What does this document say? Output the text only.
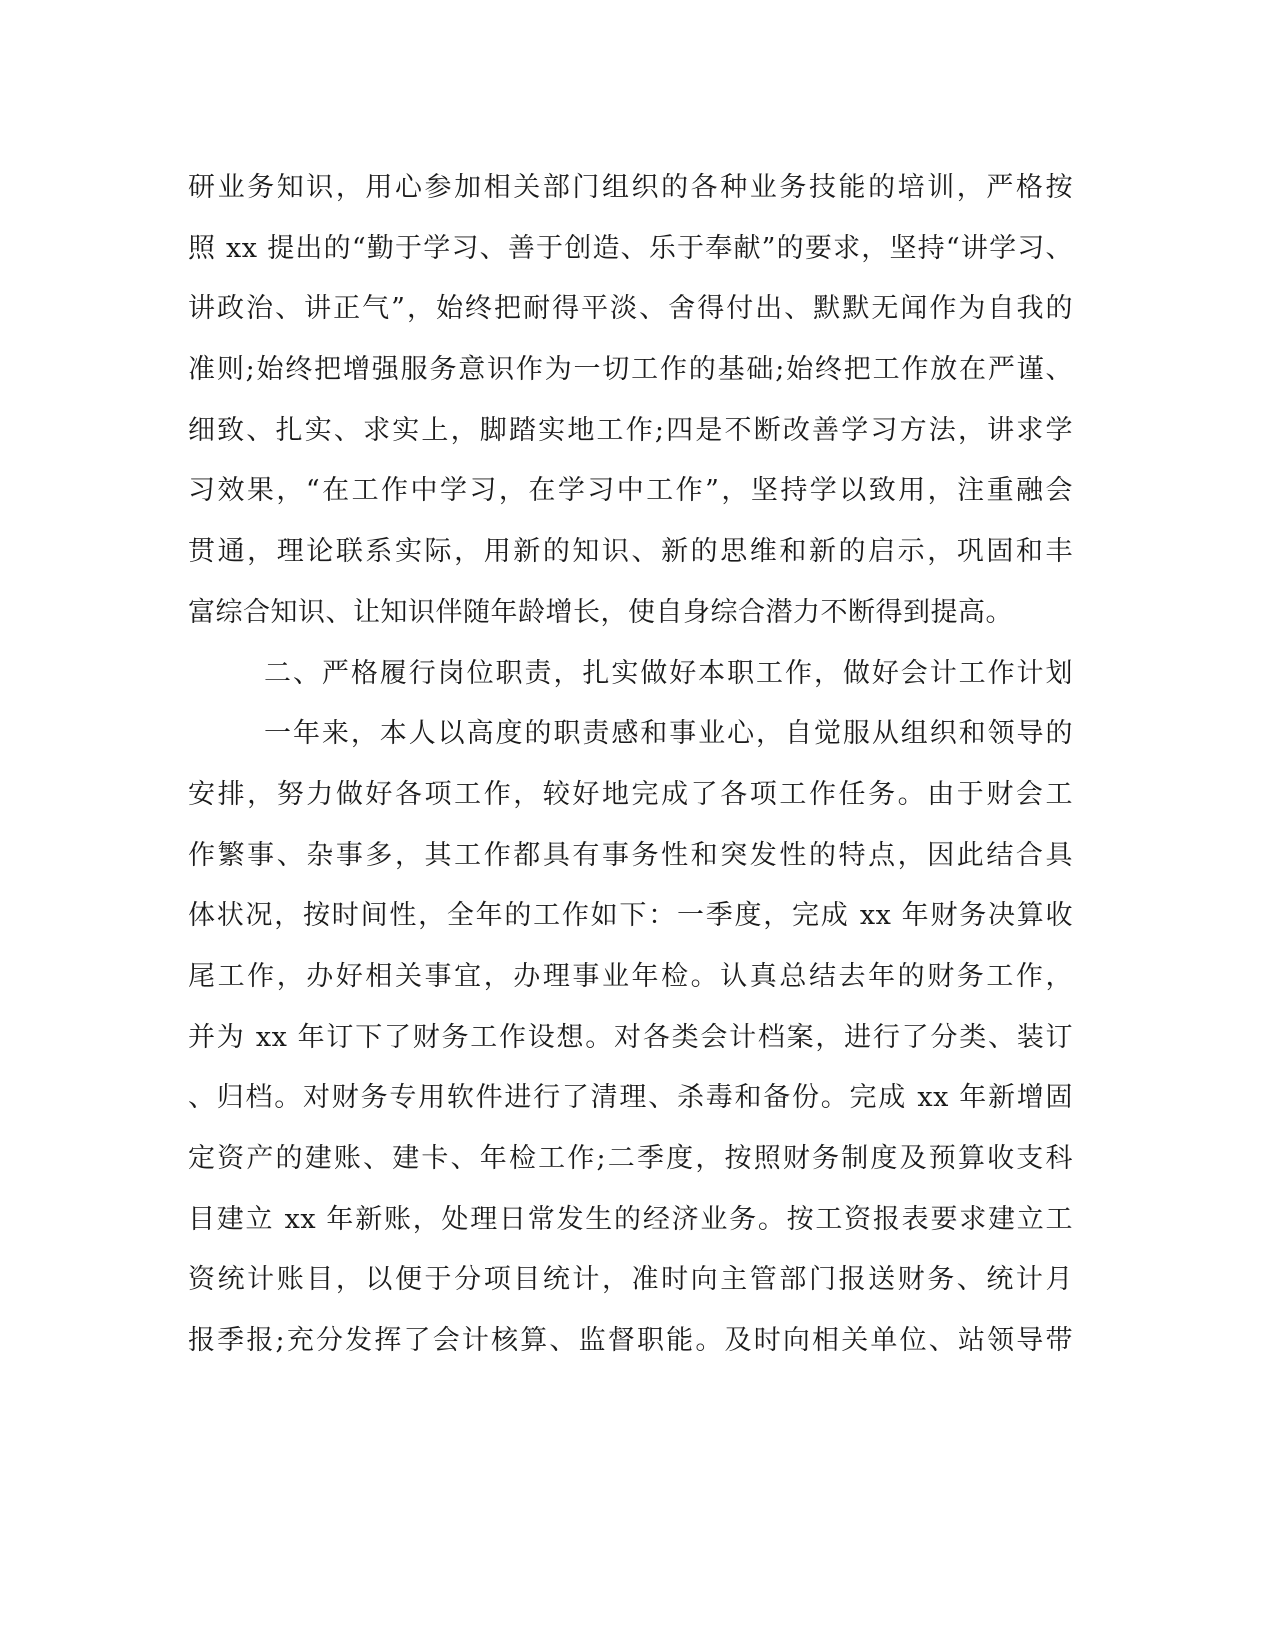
研业务知识，用心参加相关部门组织的各种业务技能的培训，严格按
照 xx 提出的“勤于学习、善于创造、乐于奉献”的要求，坚持“讲学习、
讲政治、讲正气”，始终把耐得平淡、舍得付出、默默无闻作为自我的
准则;始终把增强服务意识作为一切工作的基础;始终把工作放在严谨、
细致、扎实、求实上，脚踏实地工作;四是不断改善学习方法，讲求学
习效果，“在工作中学习，在学习中工作”，坚持学以致用，注重融会
贯通，理论联系实际，用新的知识、新的思维和新的启示，巩固和丰
富综合知识、让知识伴随年龄增长，使自身综合潜力不断得到提高。
二、严格履行岗位职责，扎实做好本职工作，做好会计工作计划
一年来，本人以高度的职责感和事业心，自觉服从组织和领导的
安排，努力做好各项工作，较好地完成了各项工作任务。由于财会工
作繁事、杂事多，其工作都具有事务性和突发性的特点，因此结合具
体状况，按时间性，全年的工作如下：一季度，完成 xx 年财务决算收
尾工作，办好相关事宜，办理事业年检。认真总结去年的财务工作，
并为 xx 年订下了财务工作设想。对各类会计档案，进行了分类、装订
、归档。对财务专用软件进行了清理、杀毒和备份。完成 xx 年新增固
定资产的建账、建卡、年检工作;二季度，按照财务制度及预算收支科
目建立 xx 年新账，处理日常发生的经济业务。按工资报表要求建立工
资统计账目，以便于分项目统计，准时向主管部门报送财务、统计月
报季报;充分发挥了会计核算、监督职能。及时向相关单位、站领导带
